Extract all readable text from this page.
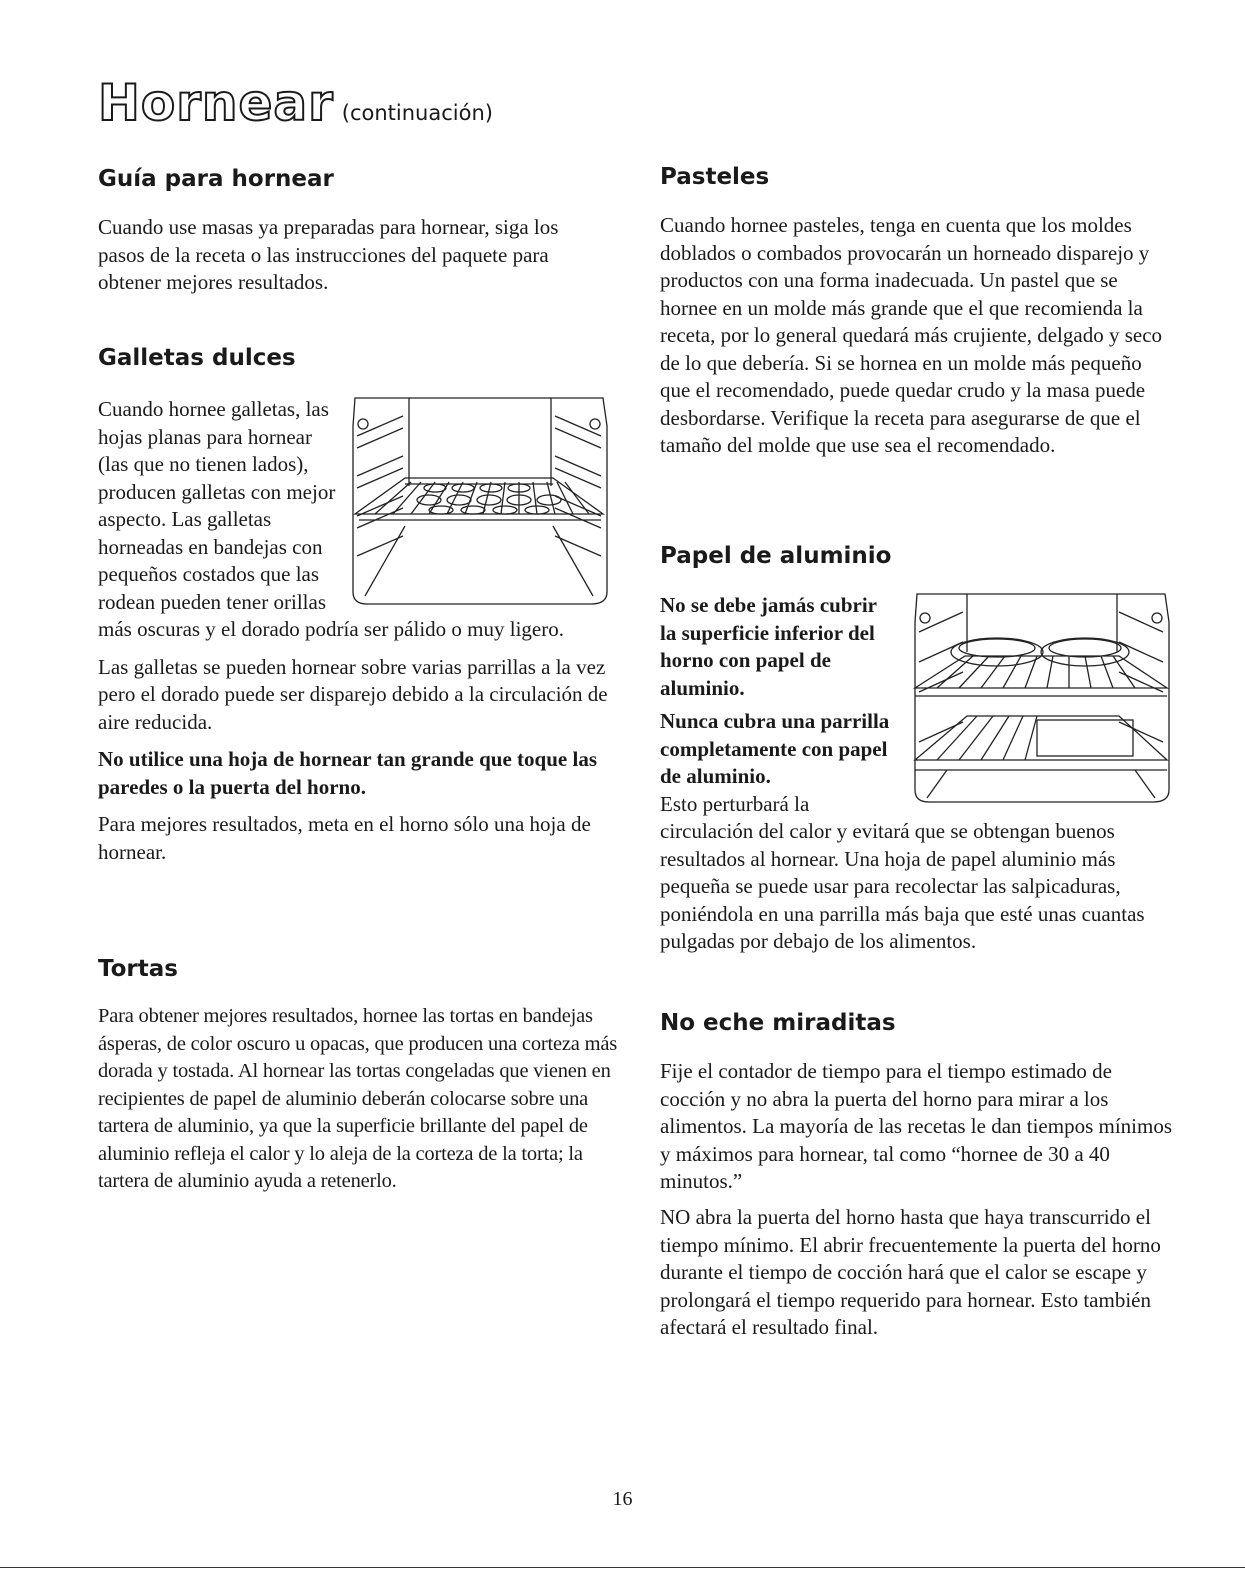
Hornear (continuación)
Guía para hornear

Cuando use masas ya preparadas para hornear, siga los pasos de la receta o las instrucciones del paquete para obtener mejores resultados.

Galletas dulces

Cuando hornee galletas, las hojas planas para hornear (las que no tienen lados), producen galletas con mejor aspecto. Las galletas horneadas en bandejas con pequeños costados que las rodean pueden tener orillas más oscuras y el dorado podría ser pálido o muy ligero.

Las galletas se pueden hornear sobre varias parrillas a la vez pero el dorado puede ser disparejo debido a la circulación de aire reducida.

No utilice una hoja de hornear tan grande que toque las paredes o la puerta del horno.

Para mejores resultados, meta en el horno sólo una hoja de hornear.

Tortas

Para obtener mejores resultados, hornee las tortas en bandejas ásperas, de color oscuro u opacas, que producen una corteza más dorada y tostada. Al hornear las tortas congeladas que vienen en recipientes de papel de aluminio deberán colocarse sobre una tartera de aluminio, ya que la superficie brillante del papel de aluminio refleja el calor y lo aleja de la corteza de la torta; la tartera de aluminio ayuda a retenerlo.

Pasteles

Cuando hornee pasteles, tenga en cuenta que los moldes doblados o combados provocarán un horneado disparejo y productos con una forma inadecuada. Un pastel que se hornee en un molde más grande que el que recomienda la receta, por lo general quedará más crujiente, delgado y seco de lo que debería. Si se hornea en un molde más pequeño que el recomendado, puede quedar crudo y la masa puede desbordarse. Verifique la receta para asegurarse de que el tamaño del molde que use sea el recomendado.

Papel de aluminio

No se debe jamás cubrir la superficie inferior del horno con papel de aluminio.

Nunca cubra una parrilla completamente con papel de aluminio.

Esto perturbará la circulación del calor y evitará que se obtengan buenos resultados al hornear. Una hoja de papel aluminio más pequeña se puede usar para recolectar las salpicaduras, poniéndola en una parrilla más baja que esté unas cuantas pulgadas por debajo de los alimentos.

No eche miraditas

Fije el contador de tiempo para el tiempo estimado de cocción y no abra la puerta del horno para mirar a los alimentos. La mayoría de las recetas le dan tiempos mínimos y máximos para hornear, tal como “hornee de 30 a 40 minutos.”

NO abra la puerta del horno hasta que haya transcurrido el tiempo mínimo. El abrir frecuentemente la puerta del horno durante el tiempo de cocción hará que el calor se escape y prolongará el tiempo requerido para hornear. Esto también afectará el resultado final.

16
